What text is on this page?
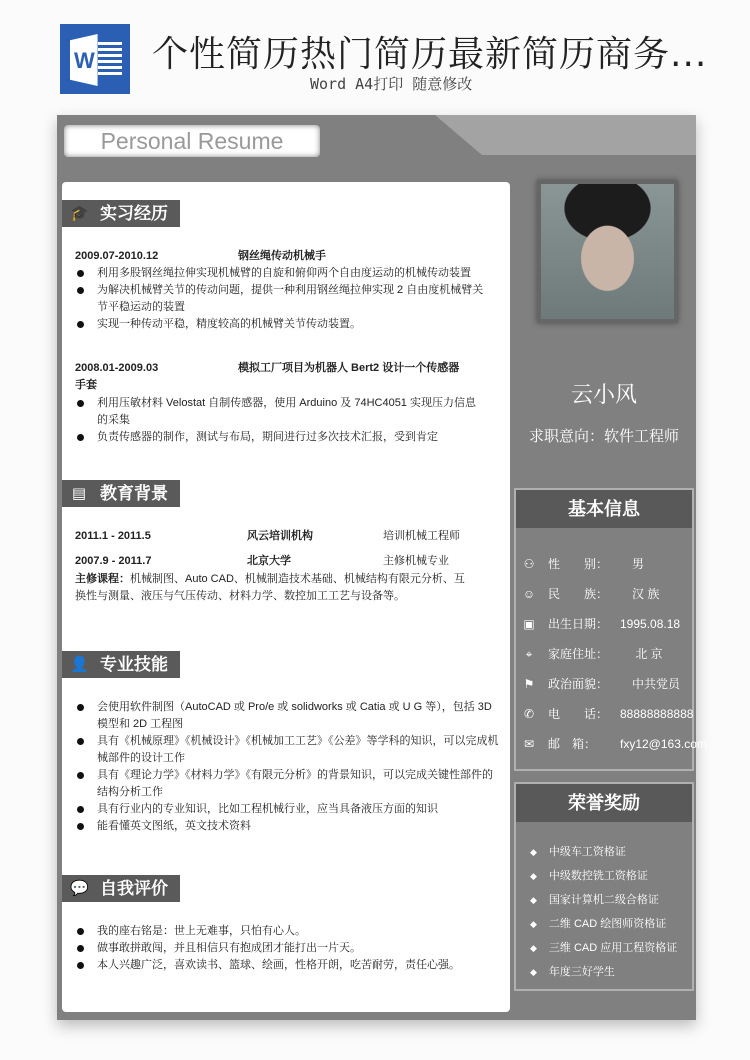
W 个性简历热门简历最新简历商务...
Word A4打印 随意修改
Personal Resume
🎓 实习经历
2009.07-2010.12	钢丝绳传动机械手
利用多股钢丝绳拉伸实现机械臂的自旋和俯仰两个自由度运动的机械传动装置
为解决机械臂关节的传动问题，提供一种利用钢丝绳拉伸实现 2 自由度机械臂关节平稳运动的装置
实现一种传动平稳，精度较高的机械臂关节传动装置。
2008.01-2009.03	模拟工厂项目为机器人 Bert2 设计一个传感器
手套
利用压敏材料 Velostat 自制传感器，使用 Arduino 及 74HC4051 实现压力信息的采集
负责传感器的制作，测试与布局，期间进行过多次技术汇报，受到肯定
▤ 教育背景
2011.1 - 2011.5	风云培训机构	培训机械工程师
2007.9 - 2011.7	北京大学	主修机械专业
主修课程：机械制图、Auto CAD、机械制造技术基础、机械结构有限元分析、互换性与测量、液压与气压传动、材料力学、数控加工工艺与设备等。
👤 专业技能
会使用软件制图（AutoCAD 或 Pro/e 或 solidworks 或 Catia 或 U G 等），包括 3D 模型和 2D 工程图
具有《机械原理》《机械设计》《机械加工工艺》《公差》等学科的知识，可以完成机械部件的设计工作
具有《理论力学》《材料力学》《有限元分析》的背景知识，可以完成关键性部件的结构分析工作
具有行业内的专业知识，比如工程机械行业，应当具备液压方面的知识
能看懂英文图纸，英文技术资料
💬 自我评价
我的座右铭是：世上无难事，只怕有心人。
做事敢拼敢闯，并且相信只有抱成团才能打出一片天。
本人兴趣广泛，喜欢读书、篮球、绘画，性格开朗，吃苦耐劳，责任心强。
云小风
求职意向：软件工程师
基本信息
⚇ 性　　别：　男
☺ 民　　族：　汉 族
▣ 出生日期： 1995.08.18
⌖ 家庭住址：　 北 京
⚑ 政治面貌：　中共党员
✆ 电　　话： 88888888888
✉ 邮　箱： fxy12@163.com
荣誉奖励
◆ 中级车工资格证
◆ 中级数控铣工资格证
◆ 国家计算机二级合格证
◆ 二维 CAD 绘图师资格证
◆ 三维 CAD 应用工程资格证
◆ 年度三好学生
